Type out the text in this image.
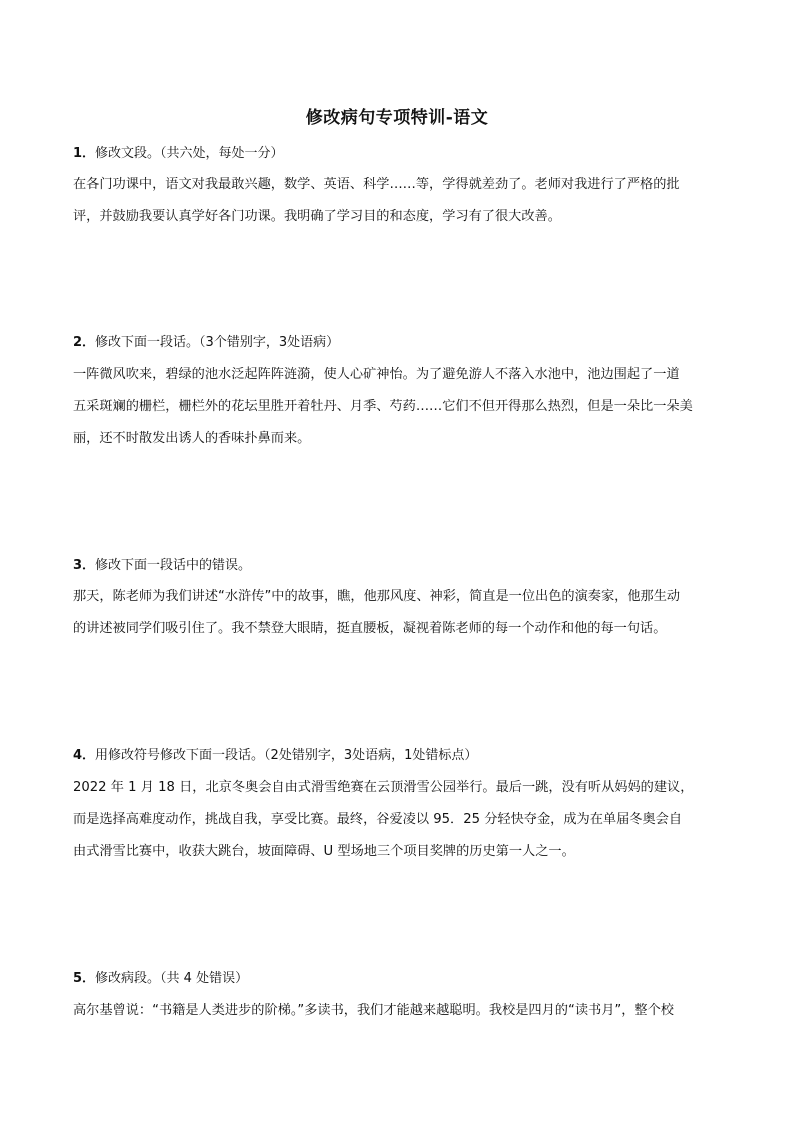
修改病句专项特训-语文
1．修改文段。（共六处，每处一分）
在各门功课中，语文对我最敢兴趣，数学、英语、科学……等，学得就差劲了。老师对我进行了严格的批
评，并鼓励我要认真学好各门功课。我明确了学习目的和态度，学习有了很大改善。
2．修改下面一段话。（3个错别字，3处语病）
一阵微风吹来，碧绿的池水泛起阵阵涟漪，使人心矿神怡。为了避免游人不落入水池中，池边围起了一道
五采斑斓的栅栏，栅栏外的花坛里胜开着牡丹、月季、芍药……它们不但开得那么热烈，但是一朵比一朵美
丽，还不时散发出诱人的香味扑鼻而来。
3．修改下面一段话中的错误。
那天，陈老师为我们讲述“水浒传”中的故事，瞧，他那风度、神彩，简直是一位出色的演奏家，他那生动
的讲述被同学们吸引住了。我不禁登大眼睛，挺直腰板，凝视着陈老师的每一个动作和他的每一句话。
4．用修改符号修改下面一段话。（2处错别字，3处语病，1处错标点）
2022 年 1 月 18 日，北京冬奥会自由式滑雪绝赛在云顶滑雪公园举行。最后一跳，没有听从妈妈的建议，
而是选择高难度动作，挑战自我，享受比赛。最终，谷爱凌以 95．25 分轻快夺金，成为在单届冬奥会自
由式滑雪比赛中，收获大跳台，坡面障碍、U 型场地三个项目奖牌的历史第一人之一。
5．修改病段。（共 4 处错误）
高尔基曾说：“书籍是人类进步的阶梯。”多读书，我们才能越来越聪明。我校是四月的“读书月”，整个校
